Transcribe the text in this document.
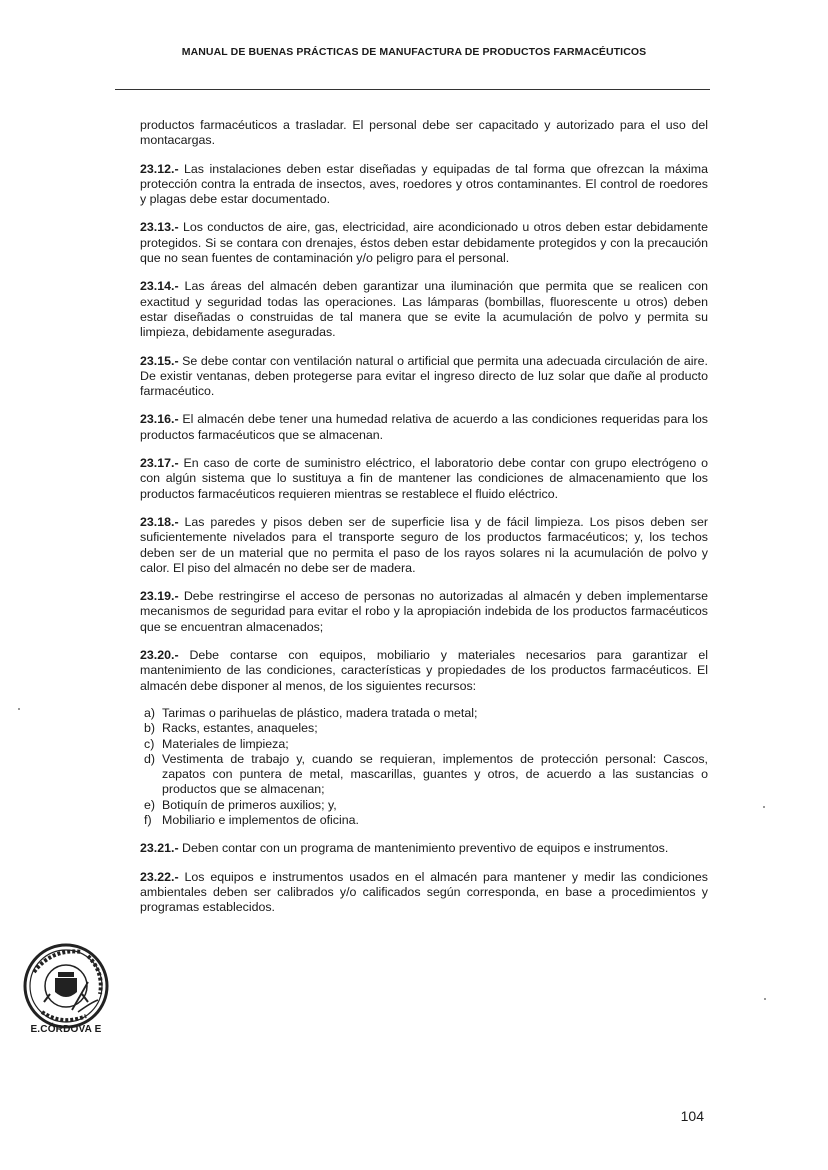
MANUAL DE BUENAS PRÁCTICAS DE MANUFACTURA DE PRODUCTOS FARMACÉUTICOS

productos farmacéuticos a trasladar. El personal debe ser capacitado y autorizado para el uso del montacargas.

23.12.- Las instalaciones deben estar diseñadas y equipadas de tal forma que ofrezcan la máxima protección contra la entrada de insectos, aves, roedores y otros contaminantes. El control de roedores y plagas debe estar documentado.

23.13.- Los conductos de aire, gas, electricidad, aire acondicionado u otros deben estar debidamente protegidos. Si se contara con drenajes, éstos deben estar debidamente protegidos y con la precaución que no sean fuentes de contaminación y/o peligro para el personal.

23.14.- Las áreas del almacén deben garantizar una iluminación que permita que se realicen con exactitud y seguridad todas las operaciones. Las lámparas (bombillas, fluorescente u otros) deben estar diseñadas o construidas de tal manera que se evite la acumulación de polvo y permita su limpieza, debidamente aseguradas.

23.15.- Se debe contar con ventilación natural o artificial que permita una adecuada circulación de aire. De existir ventanas, deben protegerse para evitar el ingreso directo de luz solar que dañe al producto farmacéutico.

23.16.- El almacén debe tener una humedad relativa de acuerdo a las condiciones requeridas para los productos farmacéuticos que se almacenan.

23.17.- En caso de corte de suministro eléctrico, el laboratorio debe contar con grupo electrógeno o con algún sistema que lo sustituya a fin de mantener las condiciones de almacenamiento que los productos farmacéuticos requieren mientras se restablece el fluido eléctrico.

23.18.- Las paredes y pisos deben ser de superficie lisa y de fácil limpieza. Los pisos deben ser suficientemente nivelados para el transporte seguro de los productos farmacéuticos; y, los techos deben ser de un material que no permita el paso de los rayos solares ni la acumulación de polvo y calor. El piso del almacén no debe ser de madera.

23.19.- Debe restringirse el acceso de personas no autorizadas al almacén y deben implementarse mecanismos de seguridad para evitar el robo y la apropiación indebida de los productos farmacéuticos que se encuentran almacenados;

23.20.- Debe contarse con equipos, mobiliario y materiales necesarios para garantizar el mantenimiento de las condiciones, características y propiedades de los productos farmacéuticos. El almacén debe disponer al menos, de los siguientes recursos:

a) Tarimas o parihuelas de plástico, madera tratada o metal;
b) Racks, estantes, anaqueles;
c) Materiales de limpieza;
d) Vestimenta de trabajo y, cuando se requieran, implementos de protección personal: Cascos, zapatos con puntera de metal, mascarillas, guantes y otros, de acuerdo a las sustancias o productos que se almacenan;
e) Botiquín de primeros auxilios; y,
f) Mobiliario e implementos de oficina.

23.21.- Deben contar con un programa de mantenimiento preventivo de equipos e instrumentos.

23.22.- Los equipos e instrumentos usados en el almacén para mantener y medir las condiciones ambientales deben ser calibrados y/o calificados según corresponda, en base a procedimientos y programas establecidos.

E.CÓRDOVA E
104
